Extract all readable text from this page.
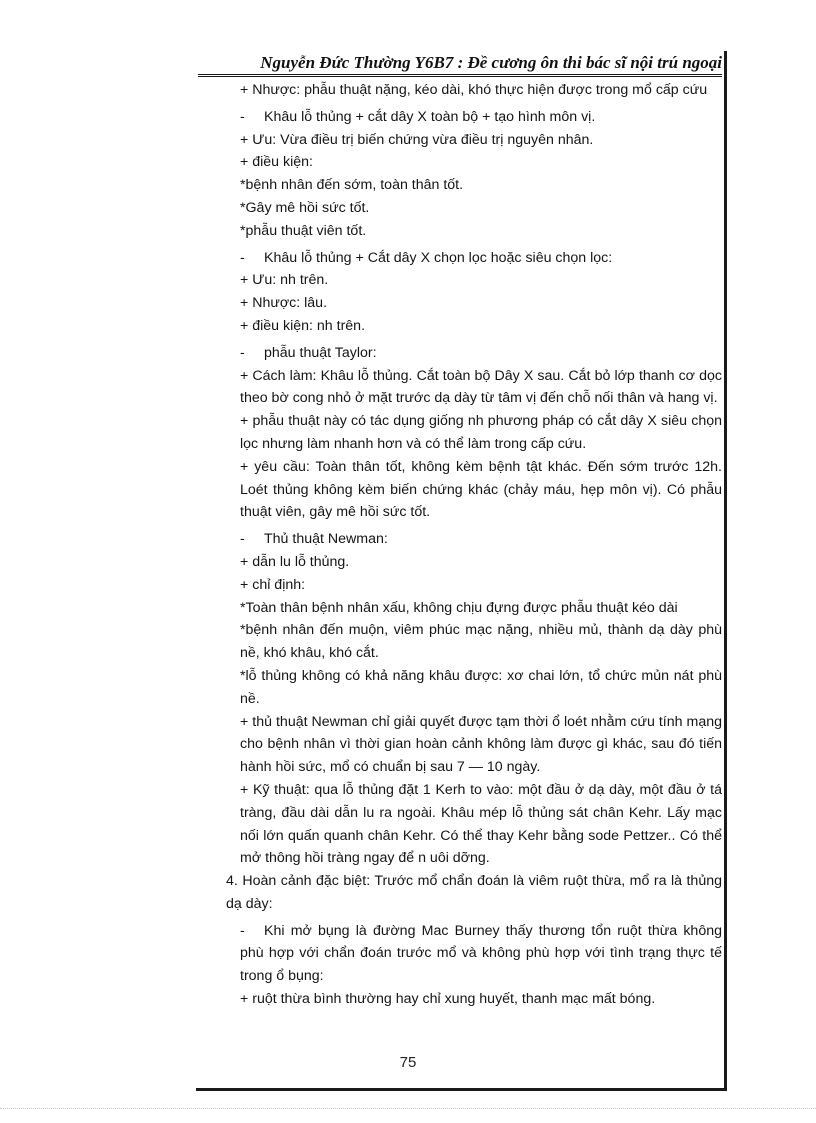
Nguyễn Đức Thường Y6B7 : Đề cương ôn thi bác sĩ nội trú ngoại

+ Nhược: phẫu thuật nặng, kéo dài, khó thực hiện được trong mổ cấp cứu

- Khâu lỗ thủng + cắt dây X toàn bộ + tạo hình môn vị.

+ Ưu: Vừa điều trị biến chứng vừa điều trị nguyên nhân.

+ điều kiện:

*bệnh nhân đến sớm, toàn thân tốt.

*Gây mê hồi sức tốt.

*phẫu thuật viên tốt.

- Khâu lỗ thủng + Cắt dây X chọn lọc hoặc siêu chọn lọc:

+ Ưu: nh trên.

+ Nhược: lâu.

+ điều kiện: nh trên.

- phẫu thuật Taylor:

+ Cách làm: Khâu lỗ thủng. Cắt toàn bộ Dây X sau. Cắt bỏ lớp thanh cơ dọc theo bờ cong nhỏ ở mặt trước dạ dày từ tâm vị đến chỗ nối thân và hang vị.

+ phẫu thuật này có tác dụng giống nh phương pháp có cắt dây X siêu chọn lọc nhưng làm nhanh hơn và có thể làm trong cấp cứu.

+ yêu cầu: Toàn thân tốt, không kèm bệnh tật khác. Đến sớm trước 12h. Loét thủng không kèm biến chứng khác (chảy máu, hẹp môn vị). Có phẫu thuật viên, gây mê hồi sức tốt.

- Thủ thuật Newman:

+ dẫn lu lỗ thủng.

+ chỉ định:

*Toàn thân bệnh nhân xấu, không chịu đựng được phẫu thuật kéo dài

*bệnh nhân đến muộn, viêm phúc mạc nặng, nhiều mủ, thành dạ dày phù nề, khó khâu, khó cắt.

*lỗ thủng không có khả năng khâu được: xơ chai lớn, tổ chức mủn nát phù nề.

+ thủ thuật Newman chỉ giải quyết được tạm thời ổ loét nhằm cứu tính mạng cho bệnh nhân vì thời gian hoàn cảnh không làm được gì khác, sau đó tiến hành hồi sức, mổ có chuẩn bị sau 7 — 10 ngày.

+ Kỹ thuật: qua lỗ thủng đặt 1 Kerh to vào: một đầu ở dạ dày, một đầu ở tá tràng, đầu dài dẫn lu ra ngoài. Khâu mép lỗ thủng sát chân Kehr. Lấy mạc nối lớn quấn quanh chân Kehr. Có thể thay Kehr bằng sode Pettzer.. Có thể mở thông hồi tràng ngay để n uôi dỡng.

4. Hoàn cảnh đặc biệt: Trước mổ chẩn đoán là viêm ruột thừa, mổ ra là thủng dạ dày:

- Khi mở bụng là đường Mac Burney thấy thương tổn ruột thừa không phù hợp với chẩn đoán trước mổ và không phù hợp với tình trạng thực tế trong ổ bụng:

+ ruột thừa bình thường hay chỉ xung huyết, thanh mạc mất bóng.

75
